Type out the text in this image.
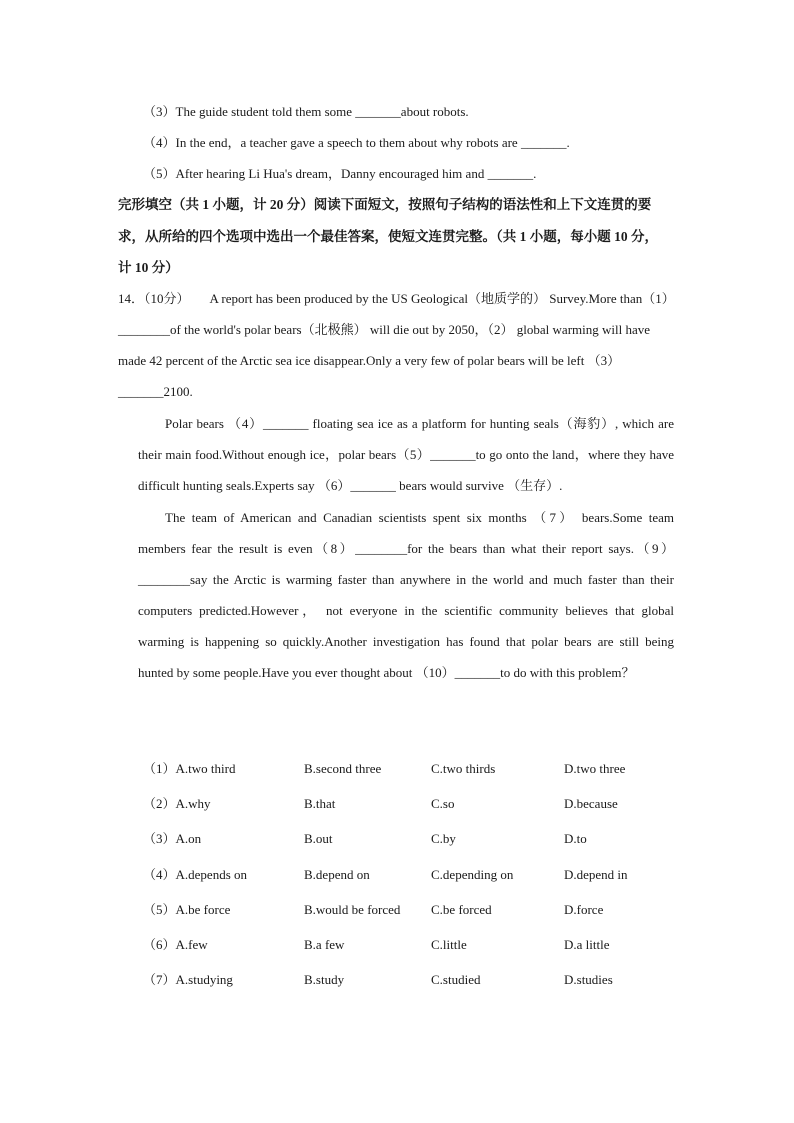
（3）The guide student told them some _______about robots.
（4）In the end，a teacher gave a speech to them about why robots are _______.
（5）After hearing Li Hua's dream，Danny encouraged him and _______.
完形填空（共 1 小题，计 20 分）阅读下面短文，按照句子结构的语法性和上下文连贯的要
求，从所给的四个选项中选出一个最佳答案，使短文连贯完整。（共 1 小题，每小题 10 分，
计 10 分）
14．（10分） A report has been produced by the US Geological（地质学的） Survey.More than（1）________of the world's polar bears（北极熊） will die out by 2050，（2） global warming will have made 42 percent of the Arctic sea ice disappear.Only a very few of polar bears will be left （3）_______2100.
Polar bears （4）_______ floating sea ice as a platform for hunting seals（海豹）, which are their main food.Without enough ice，polar bears（5）_______to go onto the land，where they have difficult hunting seals.Experts say （6）_______ bears would survive （生存）.
The team of American and Canadian scientists spent six months （7） bears.Some team members fear the result is even（8）________for the bears than what their report says.（9）________say the Arctic is warming faster than anywhere in the world and much faster than their computers predicted.However， not everyone in the scientific community believes that global warming is happening so quickly.Another investigation has found that polar bears are still being hunted by some people.Have you ever thought about （10）_______to do with this problem？
（1）A.two third	B.second three	C.two thirds	D.two three
（2）A.why	B.that	C.so	D.because
（3）A.on	B.out	C.by	D.to
（4）A.depends on	B.depend on	C.depending on	D.depend in
（5）A.be force	B.would be forced C.be forced	D.force
（6）A.few	B.a few	C.little	D.a little
（7）A.studying	B.study	C.studied	D.studies
